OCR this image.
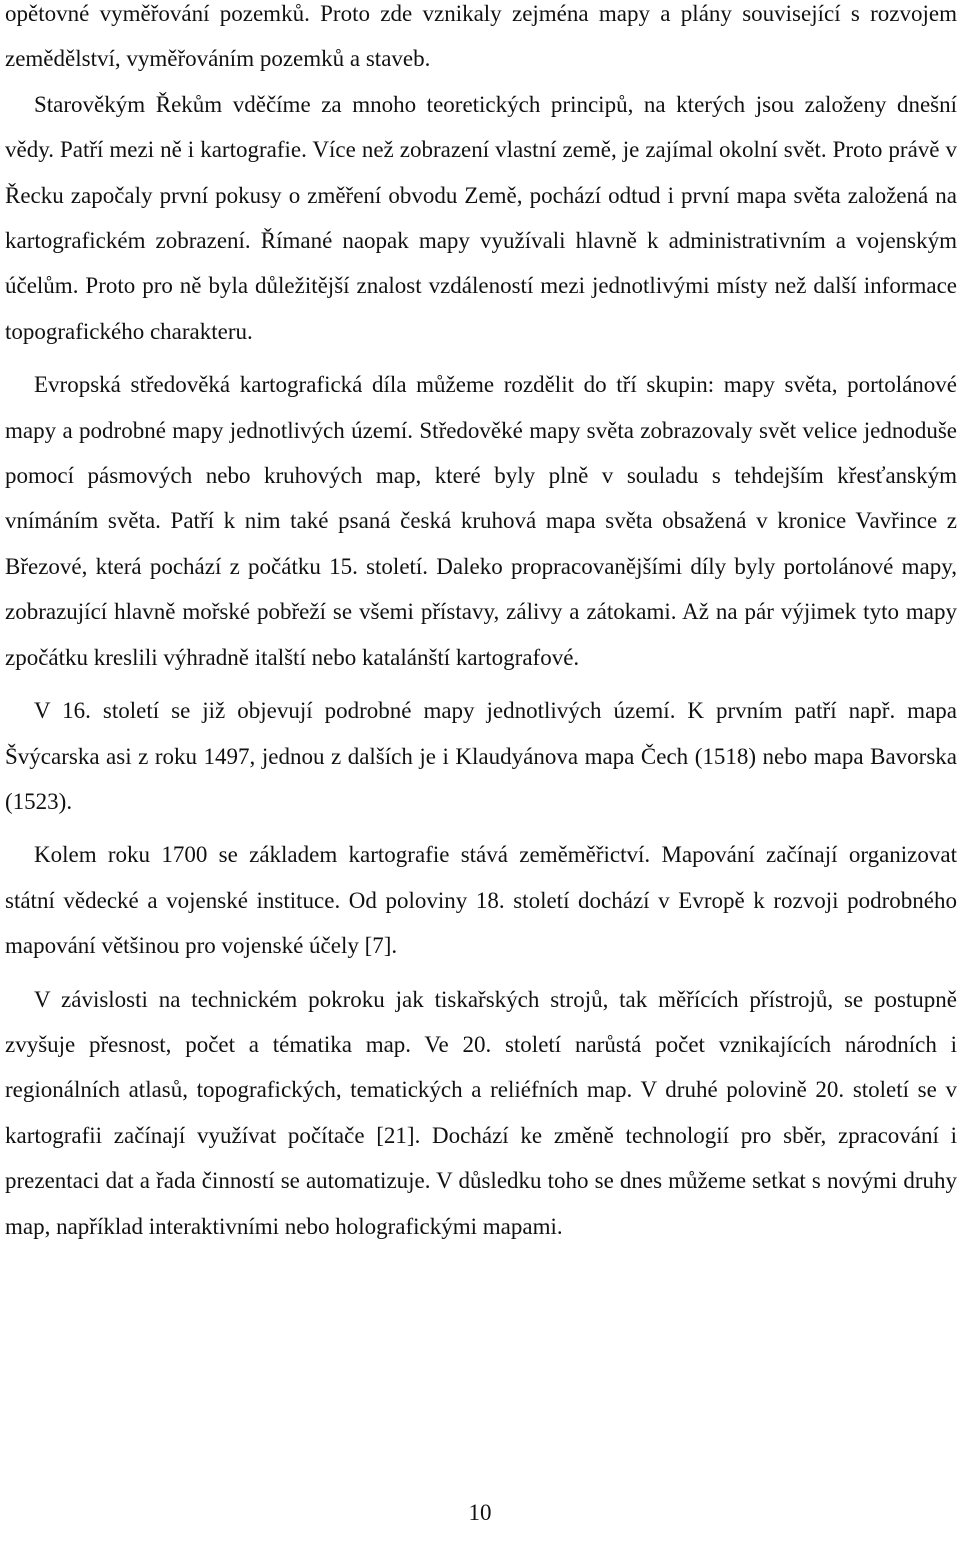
opětovné vyměřování pozemků. Proto zde vznikaly zejména mapy a plány související s rozvojem zemědělství, vyměřováním pozemků a staveb.

Starověkým Řekům vděčíme za mnoho teoretických principů, na kterých jsou založeny dnešní vědy. Patří mezi ně i kartografie. Více než zobrazení vlastní země, je zajímal okolní svět. Proto právě v Řecku započaly první pokusy o změření obvodu Země, pochází odtud i první mapa světa založená na kartografickém zobrazení. Římané naopak mapy využívali hlavně k administrativním a vojenským účelům. Proto pro ně byla důležitější znalost vzdáleností mezi jednotlivými místy než další informace topografického charakteru.

Evropská středověká kartografická díla můžeme rozdělit do tří skupin: mapy světa, portolánové mapy a podrobné mapy jednotlivých území. Středověké mapy světa zobrazovaly svět velice jednoduše pomocí pásmových nebo kruhových map, které byly plně v souladu s tehdejším křesťanským vnímáním světa. Patří k nim také psaná česká kruhová mapa světa obsažená v kronice Vavřince z Březové, která pochází z počátku 15. století. Daleko propracovanějšími díly byly portolánové mapy, zobrazující hlavně mořské pobřeží se všemi přístavy, zálivy a zátokami. Až na pár výjimek tyto mapy zpočátku kreslili výhradně italští nebo katalánští kartografové.

V 16. století se již objevují podrobné mapy jednotlivých území. K prvním patří např. mapa Švýcarska asi z roku 1497, jednou z dalších je i Klaudyánova mapa Čech (1518) nebo mapa Bavorska (1523).

Kolem roku 1700 se základem kartografie stává zeměměřictví. Mapování začínají organizovat státní vědecké a vojenské instituce. Od poloviny 18. století dochází v Evropě k rozvoji podrobného mapování většinou pro vojenské účely [7].

V závislosti na technickém pokroku jak tiskařských strojů, tak měřících přístrojů, se postupně zvyšuje přesnost, počet a tématika map. Ve 20. století narůstá počet vznikajících národních i regionálních atlasů, topografických, tematických a reliéfních map. V druhé polovině 20. století se v kartografii začínají využívat počítače [21]. Dochází ke změně technologií pro sběr, zpracování i prezentaci dat a řada činností se automatizuje. V důsledku toho se dnes můžeme setkat s novými druhy map, například interaktivními nebo holografickými mapami.

10
